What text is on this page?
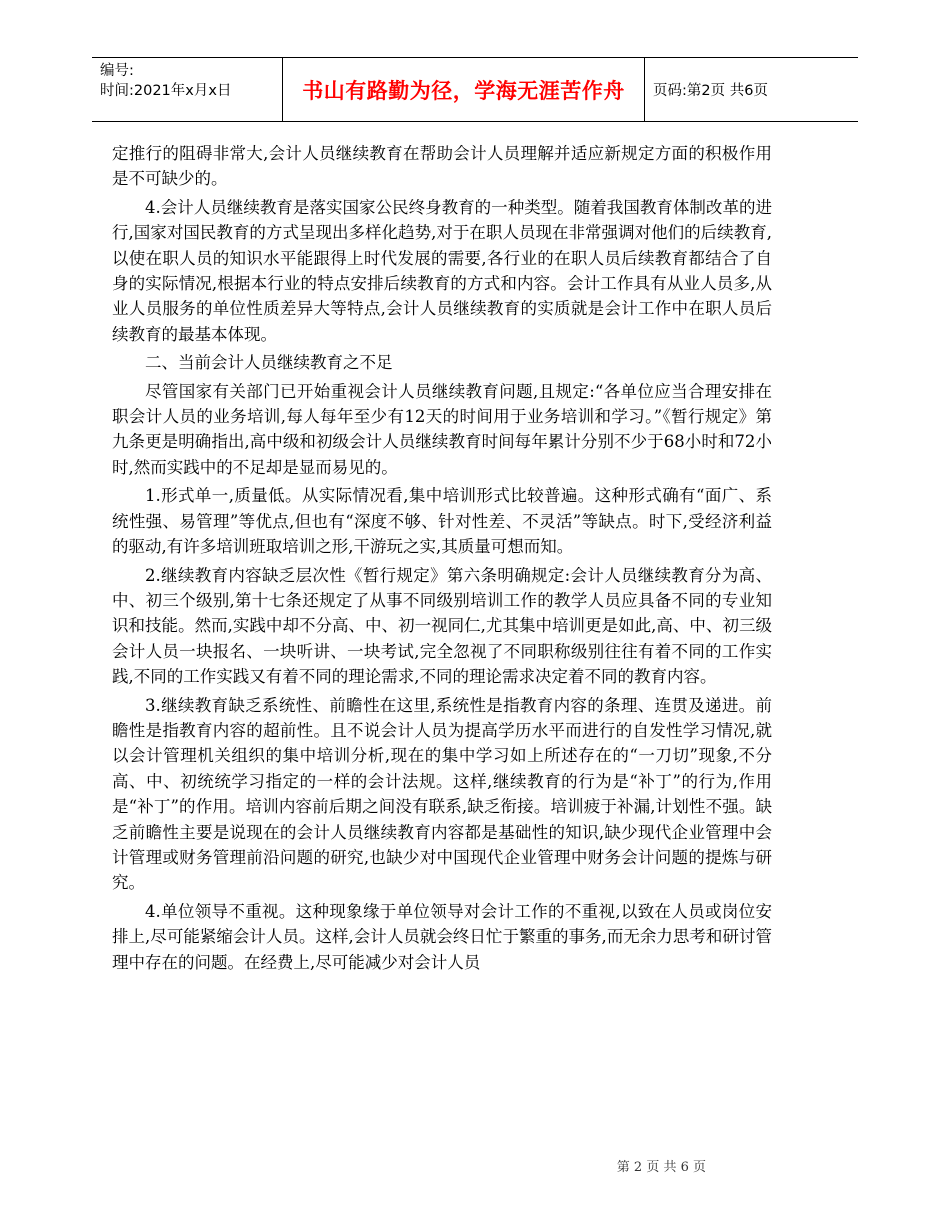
编号:
时间:2021年x月x日	书山有路勤为径，学海无涯苦作舟	页码:第2页 共6页

定推行的阻碍非常大,会计人员继续教育在帮助会计人员理解并适应新规定方面的积极作用是不可缺少的。

4.会计人员继续教育是落实国家公民终身教育的一种类型。随着我国教育体制改革的进行,国家对国民教育的方式呈现出多样化趋势,对于在职人员现在非常强调对他们的后续教育,以使在职人员的知识水平能跟得上时代发展的需要,各行业的在职人员后续教育都结合了自身的实际情况,根据本行业的特点安排后续教育的方式和内容。会计工作具有从业人员多,从业人员服务的单位性质差异大等特点,会计人员继续教育的实质就是会计工作中在职人员后续教育的最基本体现。

二、当前会计人员继续教育之不足

尽管国家有关部门已开始重视会计人员继续教育问题,且规定:“各单位应当合理安排在职会计人员的业务培训,每人每年至少有12天的时间用于业务培训和学习。”《暂行规定》第九条更是明确指出,高中级和初级会计人员继续教育时间每年累计分别不少于68小时和72小时,然而实践中的不足却是显而易见的。

1.形式单一,质量低。从实际情况看,集中培训形式比较普遍。这种形式确有“面广、系统性强、易管理”等优点,但也有“深度不够、针对性差、不灵活”等缺点。时下,受经济利益的驱动,有许多培训班取培训之形,干游玩之实,其质量可想而知。

2.继续教育内容缺乏层次性《暂行规定》第六条明确规定:会计人员继续教育分为高、中、初三个级别,第十七条还规定了从事不同级别培训工作的教学人员应具备不同的专业知识和技能。然而,实践中却不分高、中、初一视同仁,尤其集中培训更是如此,高、中、初三级会计人员一块报名、一块听讲、一块考试,完全忽视了不同职称级别往往有着不同的工作实践,不同的工作实践又有着不同的理论需求,不同的理论需求决定着不同的教育内容。

3.继续教育缺乏系统性、前瞻性在这里,系统性是指教育内容的条理、连贯及递进。前瞻性是指教育内容的超前性。且不说会计人员为提高学历水平而进行的自发性学习情况,就以会计管理机关组织的集中培训分析,现在的集中学习如上所述存在的“一刀切”现象,不分高、中、初统统学习指定的一样的会计法规。这样,继续教育的行为是“补丁”的行为,作用是“补丁”的作用。培训内容前后期之间没有联系,缺乏衔接。培训疲于补漏,计划性不强。缺乏前瞻性主要是说现在的会计人员继续教育内容都是基础性的知识,缺少现代企业管理中会计管理或财务管理前沿问题的研究,也缺少对中国现代企业管理中财务会计问题的提炼与研究。

4.单位领导不重视。这种现象缘于单位领导对会计工作的不重视,以致在人员或岗位安排上,尽可能紧缩会计人员。这样,会计人员就会终日忙于繁重的事务,而无余力思考和研讨管理中存在的问题。在经费上,尽可能减少对会计人员

第 2 页 共 6 页
